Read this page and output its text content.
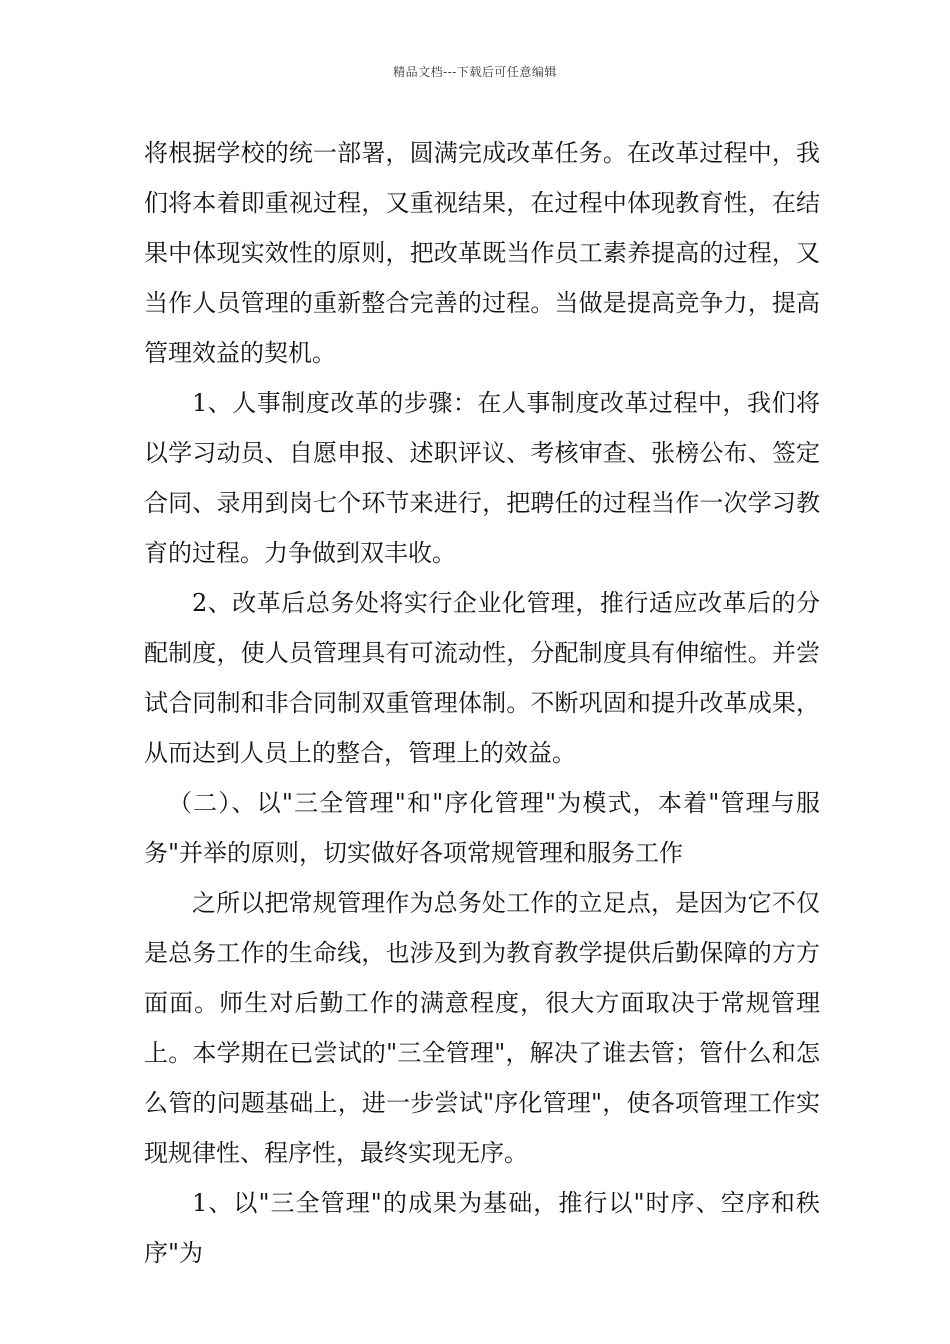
精品文档---下载后可任意编辑

将根据学校的统一部署，圆满完成改革任务。在改革过程中，我们将本着即重视过程，又重视结果，在过程中体现教育性，在结果中体现实效性的原则，把改革既当作员工素养提高的过程，又当作人员管理的重新整合完善的过程。当做是提高竞争力，提高管理效益的契机。

1、人事制度改革的步骤：在人事制度改革过程中，我们将以学习动员、自愿申报、述职评议、考核审查、张榜公布、签定合同、录用到岗七个环节来进行，把聘任的过程当作一次学习教育的过程。力争做到双丰收。

2、改革后总务处将实行企业化管理，推行适应改革后的分配制度，使人员管理具有可流动性，分配制度具有伸缩性。并尝试合同制和非合同制双重管理体制。不断巩固和提升改革成果，从而达到人员上的整合，管理上的效益。

（二）、以"三全管理"和"序化管理"为模式，本着"管理与服务"并举的原则，切实做好各项常规管理和服务工作

之所以把常规管理作为总务处工作的立足点，是因为它不仅是总务工作的生命线，也涉及到为教育教学提供后勤保障的方方面面。师生对后勤工作的满意程度，很大方面取决于常规管理上。本学期在已尝试的"三全管理"，解决了谁去管；管什么和怎么管的问题基础上，进一步尝试"序化管理"，使各项管理工作实现规律性、程序性，最终实现无序。

1、以"三全管理"的成果为基础，推行以"时序、空序和秩序"为
